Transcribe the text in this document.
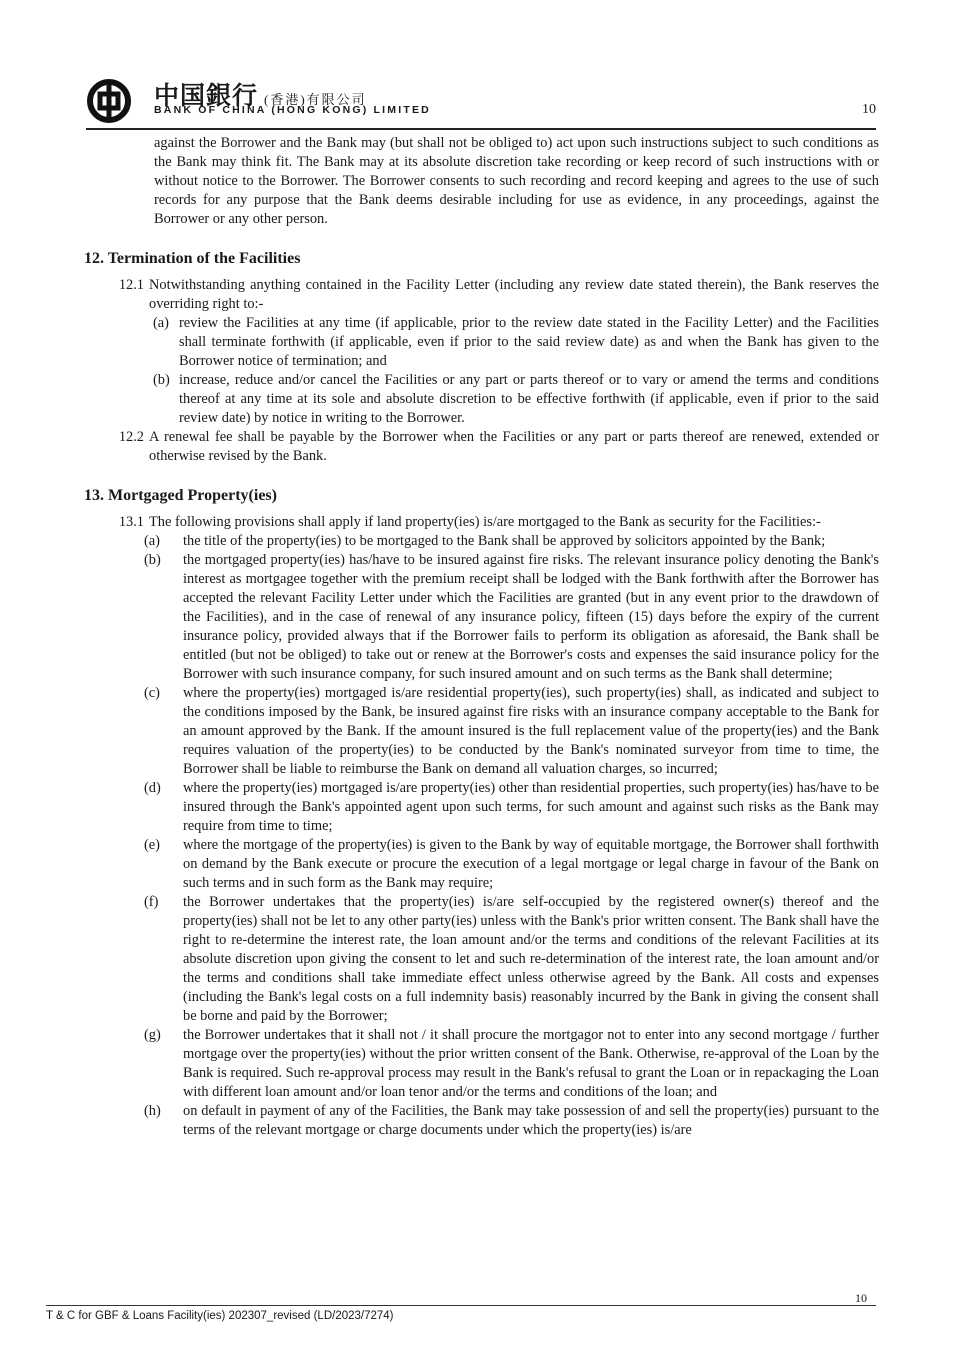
中国銀行 (香港)有限公司
BANK OF CHINA (HONG KONG) LIMITED	10

against the Borrower and the Bank may (but shall not be obliged to) act upon such instructions subject to such conditions as the Bank may think fit. The Bank may at its absolute discretion take recording or keep record of such instructions with or without notice to the Borrower. The Borrower consents to such recording and record keeping and agrees to the use of such records for any purpose that the Bank deems desirable including for use as evidence, in any proceedings, against the Borrower or any other person.

12. Termination of the Facilities
12.1 Notwithstanding anything contained in the Facility Letter (including any review date stated therein), the Bank reserves the overriding right to:-
(a) review the Facilities at any time (if applicable, prior to the review date stated in the Facility Letter) and the Facilities shall terminate forthwith (if applicable, even if prior to the said review date) as and when the Bank has given to the Borrower notice of termination; and
(b) increase, reduce and/or cancel the Facilities or any part or parts thereof or to vary or amend the terms and conditions thereof at any time at its sole and absolute discretion to be effective forthwith (if applicable, even if prior to the said review date) by notice in writing to the Borrower.
12.2 A renewal fee shall be payable by the Borrower when the Facilities or any part or parts thereof are renewed, extended or otherwise revised by the Bank.
13. Mortgaged Property(ies)
13.1 The following provisions shall apply if land property(ies) is/are mortgaged to the Bank as security for the Facilities:-
(a)	the title of the property(ies) to be mortgaged to the Bank shall be approved by solicitors appointed by the Bank;
(b)	the mortgaged property(ies) has/have to be insured against fire risks. The relevant insurance policy denoting the Bank's interest as mortgagee together with the premium receipt shall be lodged with the Bank forthwith after the Borrower has accepted the relevant Facility Letter under which the Facilities are granted (but in any event prior to the drawdown of the Facilities), and in the case of renewal of any insurance policy, fifteen (15) days before the expiry of the current insurance policy, provided always that if the Borrower fails to perform its obligation as aforesaid, the Bank shall be entitled (but not be obliged) to take out or renew at the Borrower's costs and expenses the said insurance policy for the Borrower with such insurance company, for such insured amount and on such terms as the Bank shall determine;
(c)	where the property(ies) mortgaged is/are residential property(ies), such property(ies) shall, as indicated and subject to the conditions imposed by the Bank, be insured against fire risks with an insurance company acceptable to the Bank for an amount approved by the Bank. If the amount insured is the full replacement value of the property(ies) and the Bank requires valuation of the property(ies) to be conducted by the Bank's nominated surveyor from time to time, the Borrower shall be liable to reimburse the Bank on demand all valuation charges, so incurred;
(d)	where the property(ies) mortgaged is/are property(ies) other than residential properties, such property(ies) has/have to be insured through the Bank's appointed agent upon such terms, for such amount and against such risks as the Bank may require from time to time;
(e)	where the mortgage of the property(ies) is given to the Bank by way of equitable mortgage, the Borrower shall forthwith on demand by the Bank execute or procure the execution of a legal mortgage or legal charge in favour of the Bank on such terms and in such form as the Bank may require;
(f)	the Borrower undertakes that the property(ies) is/are self-occupied by the registered owner(s) thereof and the property(ies) shall not be let to any other party(ies) unless with the Bank's prior written consent. The Bank shall have the right to re-determine the interest rate, the loan amount and/or the terms and conditions of the relevant Facilities at its absolute discretion upon giving the consent to let and such re-determination of the interest rate, the loan amount and/or the terms and conditions shall take immediate effect unless otherwise agreed by the Bank. All costs and expenses (including the Bank's legal costs on a full indemnity basis) reasonably incurred by the Bank in giving the consent shall be borne and paid by the Borrower;
(g)	the Borrower undertakes that it shall not / it shall procure the mortgagor not to enter into any second mortgage / further mortgage over the property(ies) without the prior written consent of the Bank. Otherwise, re-approval of the Loan by the Bank is required. Such re-approval process may result in the Bank's refusal to grant the Loan or in repackaging the Loan with different loan amount and/or loan tenor and/or the terms and conditions of the loan; and
(h)	on default in payment of any of the Facilities, the Bank may take possession of and sell the property(ies) pursuant to the terms of the relevant mortgage or charge documents under which the property(ies) is/are
10
T & C for GBF & Loans Facility(ies) 202307_revised (LD/2023/7274)
